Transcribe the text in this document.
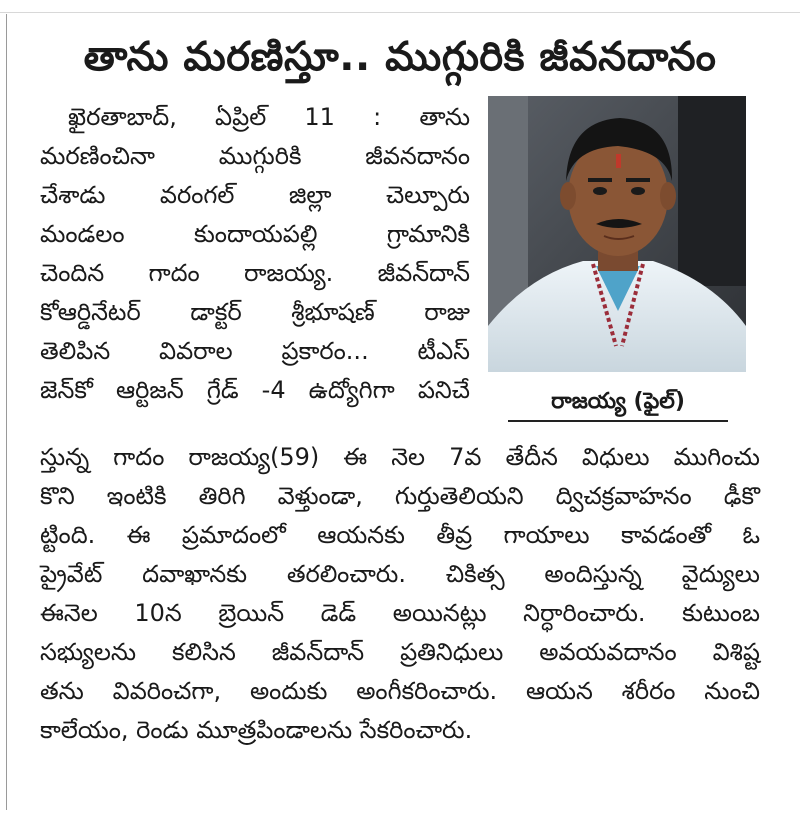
తాను మరణిస్తూ.. ముగ్గురికి జీవనదానం
రాజయ్య (ఫైల్)
ఖైరతాబాద్, ఏప్రిల్ 11 : తాను
మరణించినా ముగ్గురికి జీవనదానం
చేశాడు వరంగల్ జిల్లా చెల్పూరు
మండలం కుందాయపల్లి గ్రామానికి
చెందిన గాదం రాజయ్య. జీవన్‌దాన్
కోఆర్డినేటర్ డాక్టర్ శ్రీభూషణ్ రాజు
తెలిపిన వివరాల ప్రకారం... టీఎస్
జెన్‌కో ఆర్టిజన్ గ్రేడ్ -4 ఉద్యోగిగా పనిచే
స్తున్న గాదం రాజయ్య(59) ఈ నెల 7వ తేదీన విధులు ముగించు
కొని ఇంటికి తిరిగి వెళ్తుండా, గుర్తుతెలియని ద్విచక్రవాహనం ఢీకొ
ట్టింది. ఈ ప్రమాదంలో ఆయనకు తీవ్ర గాయాలు కావడంతో ఓ
ప్రైవేట్ దవాఖానకు తరలించారు. చికిత్స అందిస్తున్న వైద్యులు
ఈనెల 10న బ్రెయిన్ డెడ్ అయినట్లు నిర్ధారించారు. కుటుంబ
సభ్యులను కలిసిన జీవన్‌దాన్ ప్రతినిధులు అవయవదానం విశిష్ట
తను వివరించగా, అందుకు అంగీకరించారు. ఆయన శరీరం నుంచి
కాలేయం, రెండు మూత్రపిండాలను సేకరించారు.
